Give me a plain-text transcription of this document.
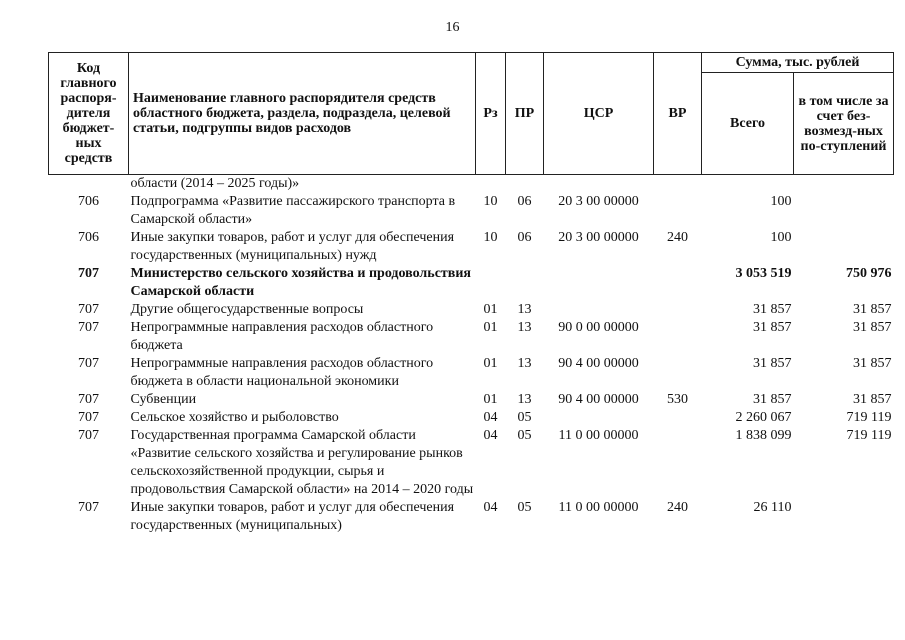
16
Код главного распоря-дителя бюджет-ных средств	Наименование главного распорядителя средств областного бюджета, раздела, подраздела, целевой статьи, подгруппы видов расходов	Рз	ПР	ЦСР	ВР	Сумма, тыс. рублей	
						Всего	в том числе за счет без-возмезд-ных по-ступлений
	области (2014 – 2025 годы)»						
706	Подпрограмма «Развитие пассажирского транспорта в Самарской области»	10	06	20 3 00 00000		100	
706	Иные закупки товаров, работ и услуг для обеспечения государственных (муниципальных) нужд	10	06	20 3 00 00000	240	100	
707	Министерство сельского хозяйства и продовольствия Самарской области					3 053 519	750 976
707	Другие общегосударственные вопросы	01	13			31 857	31 857
707	Непрограммные направления расходов областного бюджета	01	13	90 0 00 00000		31 857	31 857
707	Непрограммные направления расходов областного бюджета в области национальной экономики	01	13	90 4 00 00000		31 857	31 857
707	Субвенции	01	13	90 4 00 00000	530	31 857	31 857
707	Сельское хозяйство и рыболовство	04	05			2 260 067	719 119
707	Государственная программа Самарской области «Развитие сельского хозяйства и регулирование рынков сельскохозяйственной продукции, сырья и продовольствия Самарской области» на 2014 – 2020 годы	04	05	11 0 00 00000		1 838 099	719 119
707	Иные закупки товаров, работ и услуг для обеспечения государственных (муниципальных)	04	05	11 0 00 00000	240	26 110	
